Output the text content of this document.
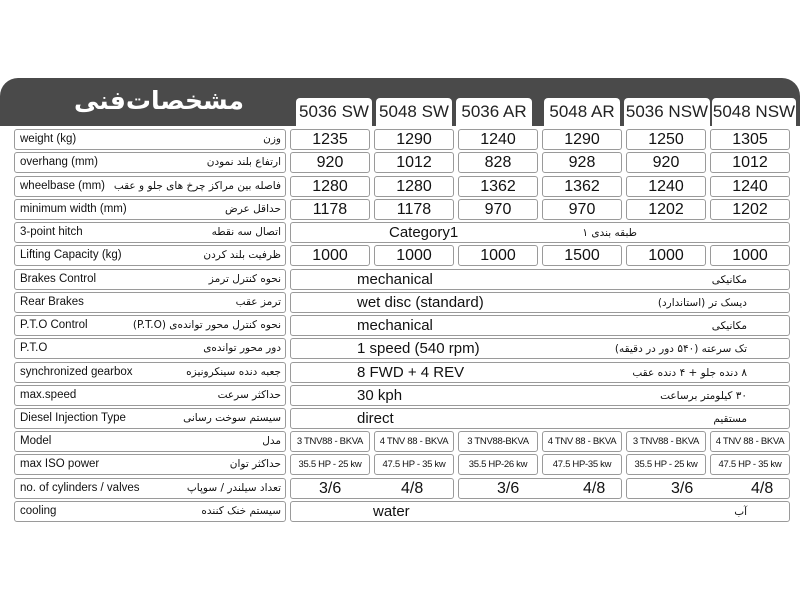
مشخصات‌فنی	5036 SW 5048 SW 5036 AR	5048 AR 5036 NSW 5048 NSW
weight (kg)	وزن	1235	1290	1240	1290	1250	1305
overhang (mm)	ارتفاع بلند نمودن	920	1012	828	928	920	1012
wheelbase (mm) فاصله بین مراکز چرخ های جلو و عقب	1280	1280	1362	1362	1240	1240
minimum width (mm)	حداقل عرض	1178	1178	970	970	1202	1202
3-point hitch	اتصال سه نقطه	Category1	طبقه بندی ۱
Lifting Capacity (kg)	ظرفیت بلند کردن	1000	1000	1000	1500	1000	1000
Brakes Control	نحوه کنترل ترمز	mechanical	مکانیکی
Rear Brakes	ترمز عقب	wet disc (standard)	دیسک تر (استاندارد)
P.T.O Control	نحوه کنترل محور توانده‌ی (P.T.O)	mechanical	مکانیکی
P.T.O	دور محور توانده‌ی	1 speed (540 rpm)	تک سرعته (۵۴۰ دور در دقیقه)
synchronized gearbox	جعبه دنده سینکرونیزه	8 FWD + 4 REV	۸ دنده جلو + ۴ دنده عقب
max.speed	حداکثر سرعت	30 kph	۳۰ کیلومتر برساعت
Diesel Injection Type	سیستم سوخت رسانی	direct	مستقیم
Model	مدل	3 TNV88 - BKVA	4 TNV 88 - BKVA	3 TNV88-BKVA	4 TNV 88 - BKVA	3 TNV88 - BKVA	4 TNV 88 - BKVA
max ISO power	حداکثر توان	35.5 HP - 25 kw	47.5 HP - 35 kw	35.5 HP-26 kw	47.5 HP-35 kw	35.5 HP - 25 kw	47.5 HP - 35 kw
no. of cylinders / valves	تعداد سیلندر / سوپاپ 3/6	4/8	3/6	4/8	3/6	4/8
cooling	سیستم خنک کننده	water	آب
